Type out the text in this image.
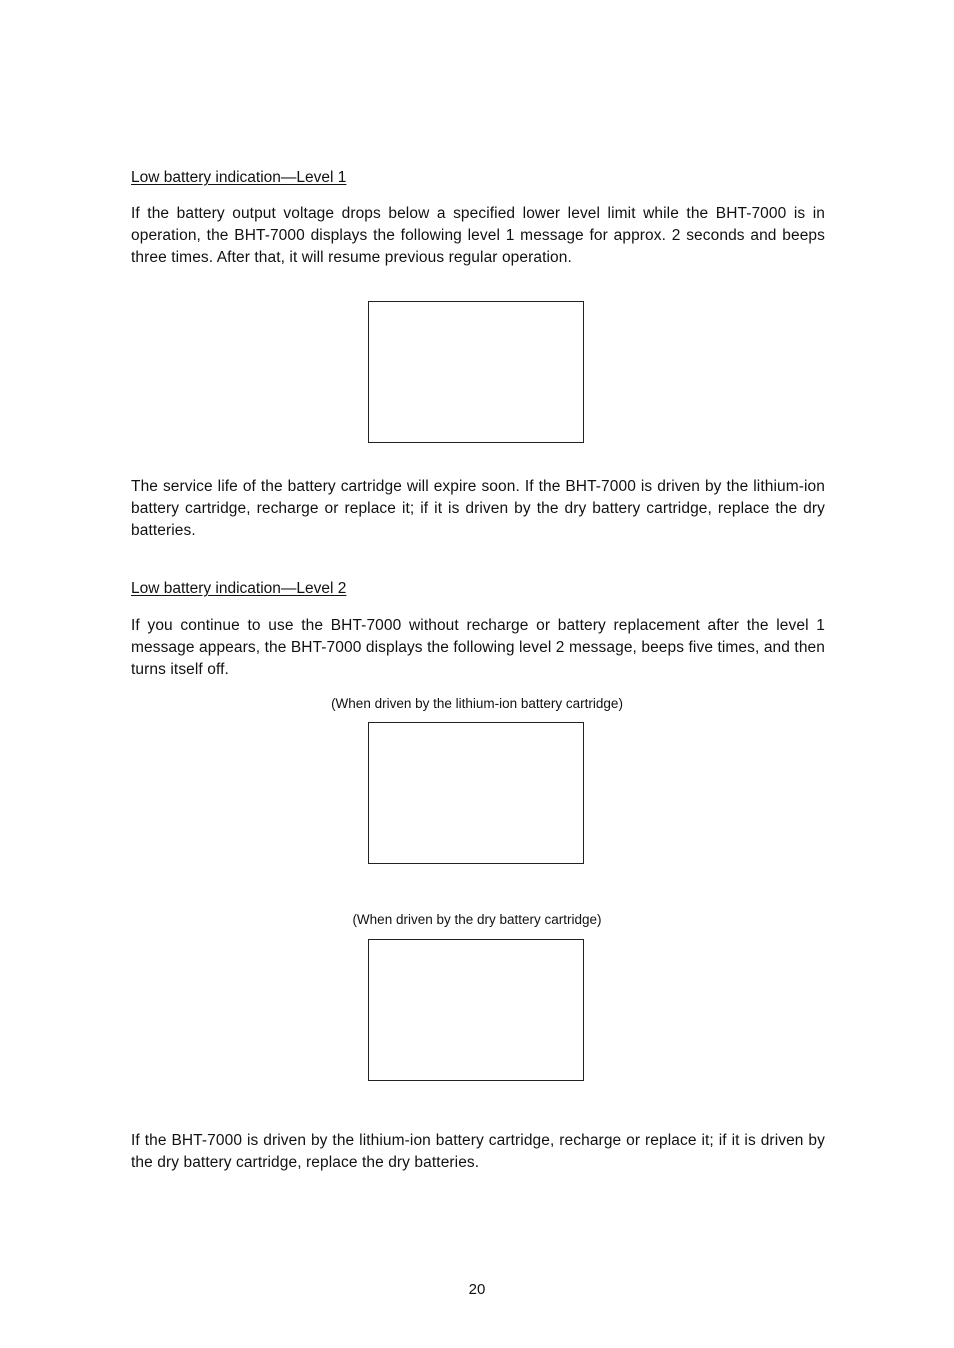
Low battery indication—Level 1
If the battery output voltage drops below a specified lower level limit while the BHT-7000 is in operation, the BHT-7000 displays the following level 1 message for approx. 2 seconds and beeps three times. After that, it will resume previous regular operation.
The service life of the battery cartridge will expire soon. If the BHT-7000 is driven by the lithium-ion battery cartridge, recharge or replace it; if it is driven by the dry battery cartridge, replace the dry batteries.
Low battery indication—Level 2
If you continue to use the BHT-7000 without recharge or battery replacement after the level 1 message appears, the BHT-7000 displays the following level 2 message, beeps five times, and then turns itself off.
(When driven by the lithium-ion battery cartridge)
(When driven by the dry battery cartridge)
If the BHT-7000 is driven by the lithium-ion battery cartridge, recharge or replace it; if it is driven by the dry battery cartridge, replace the dry batteries.
20
